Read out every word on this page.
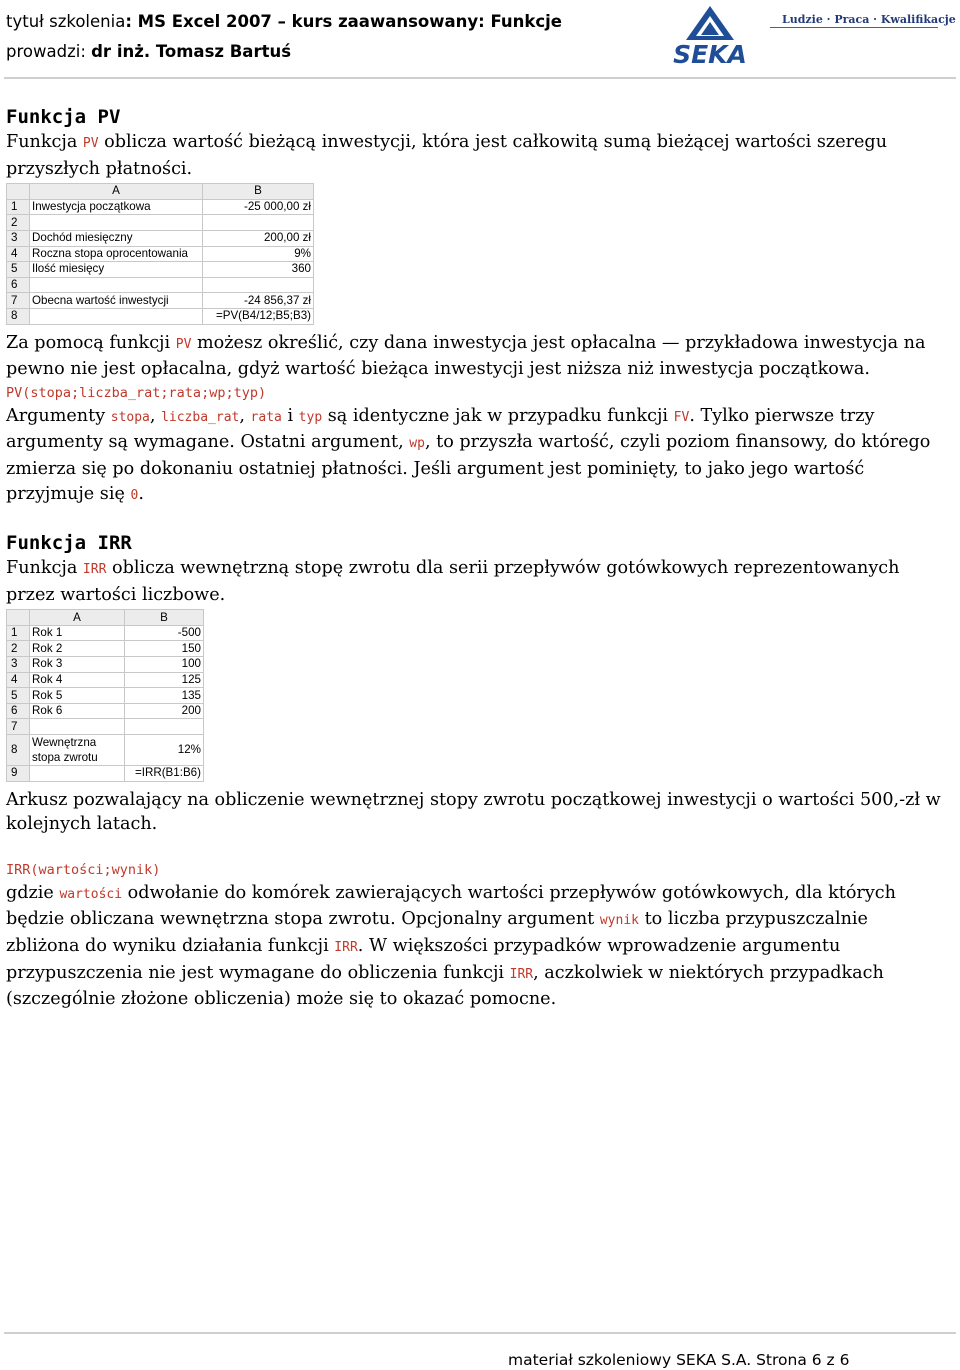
tytuł szkolenia: MS Excel 2007 – kurs zaawansowany: Funkcje
prowadzi: dr inż. Tomasz Bartuś	SEKA
Ludzie · Praca · Kwalifikacje
Funkcja PV

Funkcja PV oblicza wartość bieżącą inwestycji, która jest całkowitą sumą bieżącej wartości szeregu przyszłych płatności.

	A	B
1	Inwestycja początkowa	-25 000,00 zł
2		
3	Dochód miesięczny	200,00 zł
4	Roczna stopa oprocentowania	9%
5	Ilość miesięcy	360
6		
7	Obecna wartość inwestycji	-24 856,37 zł
8		=PV(B4/12;B5;B3)

Za pomocą funkcji PV możesz określić, czy dana inwestycja jest opłacalna — przykładowa inwestycja na pewno nie jest opłacalna, gdyż wartość bieżąca inwestycji jest niższa niż inwestycja początkowa.

PV(stopa;liczba_rat;rata;wp;typ)

Argumenty stopa, liczba_rat, rata i typ są identyczne jak w przypadku funkcji FV. Tylko pierwsze trzy argumenty są wymagane. Ostatni argument, wp, to przyszła wartość, czyli poziom finansowy, do którego zmierza się po dokonaniu ostatniej płatności. Jeśli argument jest pominięty, to jako jego wartość przyjmuje się 0.

Funkcja IRR

Funkcja IRR oblicza wewnętrzną stopę zwrotu dla serii przepływów gotówkowych reprezentowanych przez wartości liczbowe.

	A	B
1	Rok 1	-500
2	Rok 2	150
3	Rok 3	100
4	Rok 4	125
5	Rok 5	135
6	Rok 6	200
7		
8	Wewnętrzna stopa zwrotu	12%
9		=IRR(B1:B6)

Arkusz pozwalający na obliczenie wewnętrznej stopy zwrotu początkowej inwestycji o wartości 500,-zł w kolejnych latach.

IRR(wartości;wynik)

gdzie wartości odwołanie do komórek zawierających wartości przepływów gotówkowych, dla których będzie obliczana wewnętrzna stopa zwrotu. Opcjonalny argument wynik to liczba przypuszczalnie zbliżona do wyniku działania funkcji IRR. W większości przypadków wprowadzenie argumentu przypuszczenia nie jest wymagane do obliczenia funkcji IRR, aczkolwiek w niektórych przypadkach (szczególnie złożone obliczenia) może się to okazać pomocne.

materiał szkoleniowy SEKA S.A. Strona 6 z 6
